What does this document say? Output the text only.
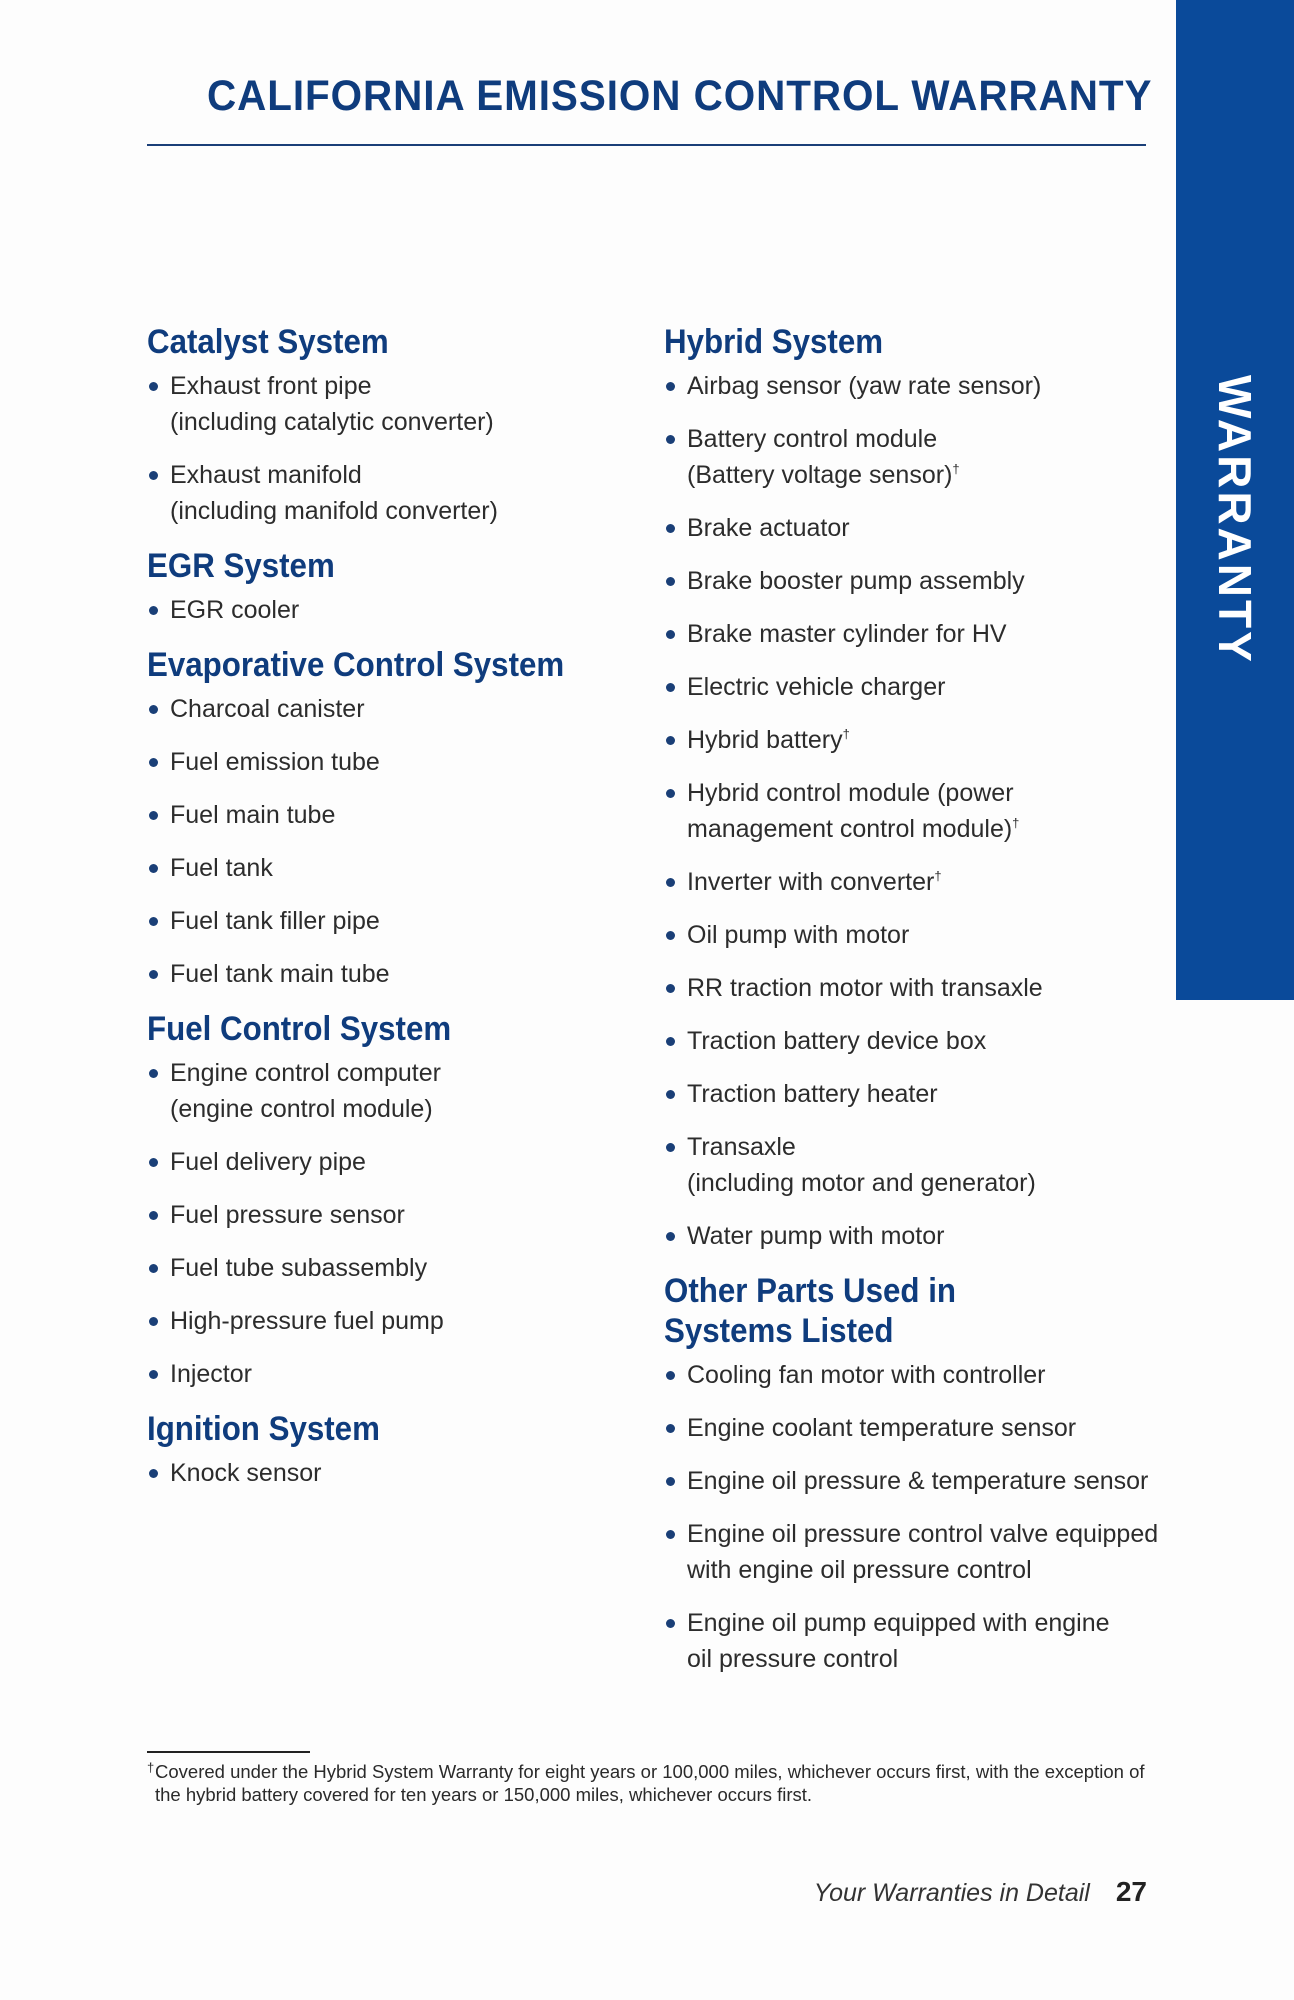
WARRANTY
CALIFORNIA EMISSION CONTROL WARRANTY
Catalyst System
Exhaust front pipe
(including catalytic converter)
Exhaust manifold
(including manifold converter)
EGR System
EGR cooler
Evaporative Control System
Charcoal canister
Fuel emission tube
Fuel main tube
Fuel tank
Fuel tank filler pipe
Fuel tank main tube
Fuel Control System
Engine control computer
(engine control module)
Fuel delivery pipe
Fuel pressure sensor
Fuel tube subassembly
High-pressure fuel pump
Injector
Ignition System
Knock sensor
Hybrid System
Airbag sensor (yaw rate sensor)
Battery control module
(Battery voltage sensor)†
Brake actuator
Brake booster pump assembly
Brake master cylinder for HV
Electric vehicle charger
Hybrid battery†
Hybrid control module (power
management control module)†
Inverter with converter†
Oil pump with motor
RR traction motor with transaxle
Traction battery device box
Traction battery heater
Transaxle
(including motor and generator)
Water pump with motor
Other Parts Used in
Systems Listed
Cooling fan motor with controller
Engine coolant temperature sensor
Engine oil pressure & temperature sensor
Engine oil pressure control valve equipped
with engine oil pressure control
Engine oil pump equipped with engine
oil pressure control
† Covered under the Hybrid System Warranty for eight years or 100,000 miles, whichever occurs first, with the exception of the hybrid battery covered for ten years or 150,000 miles, whichever occurs first.
Your Warranties in Detail 27
